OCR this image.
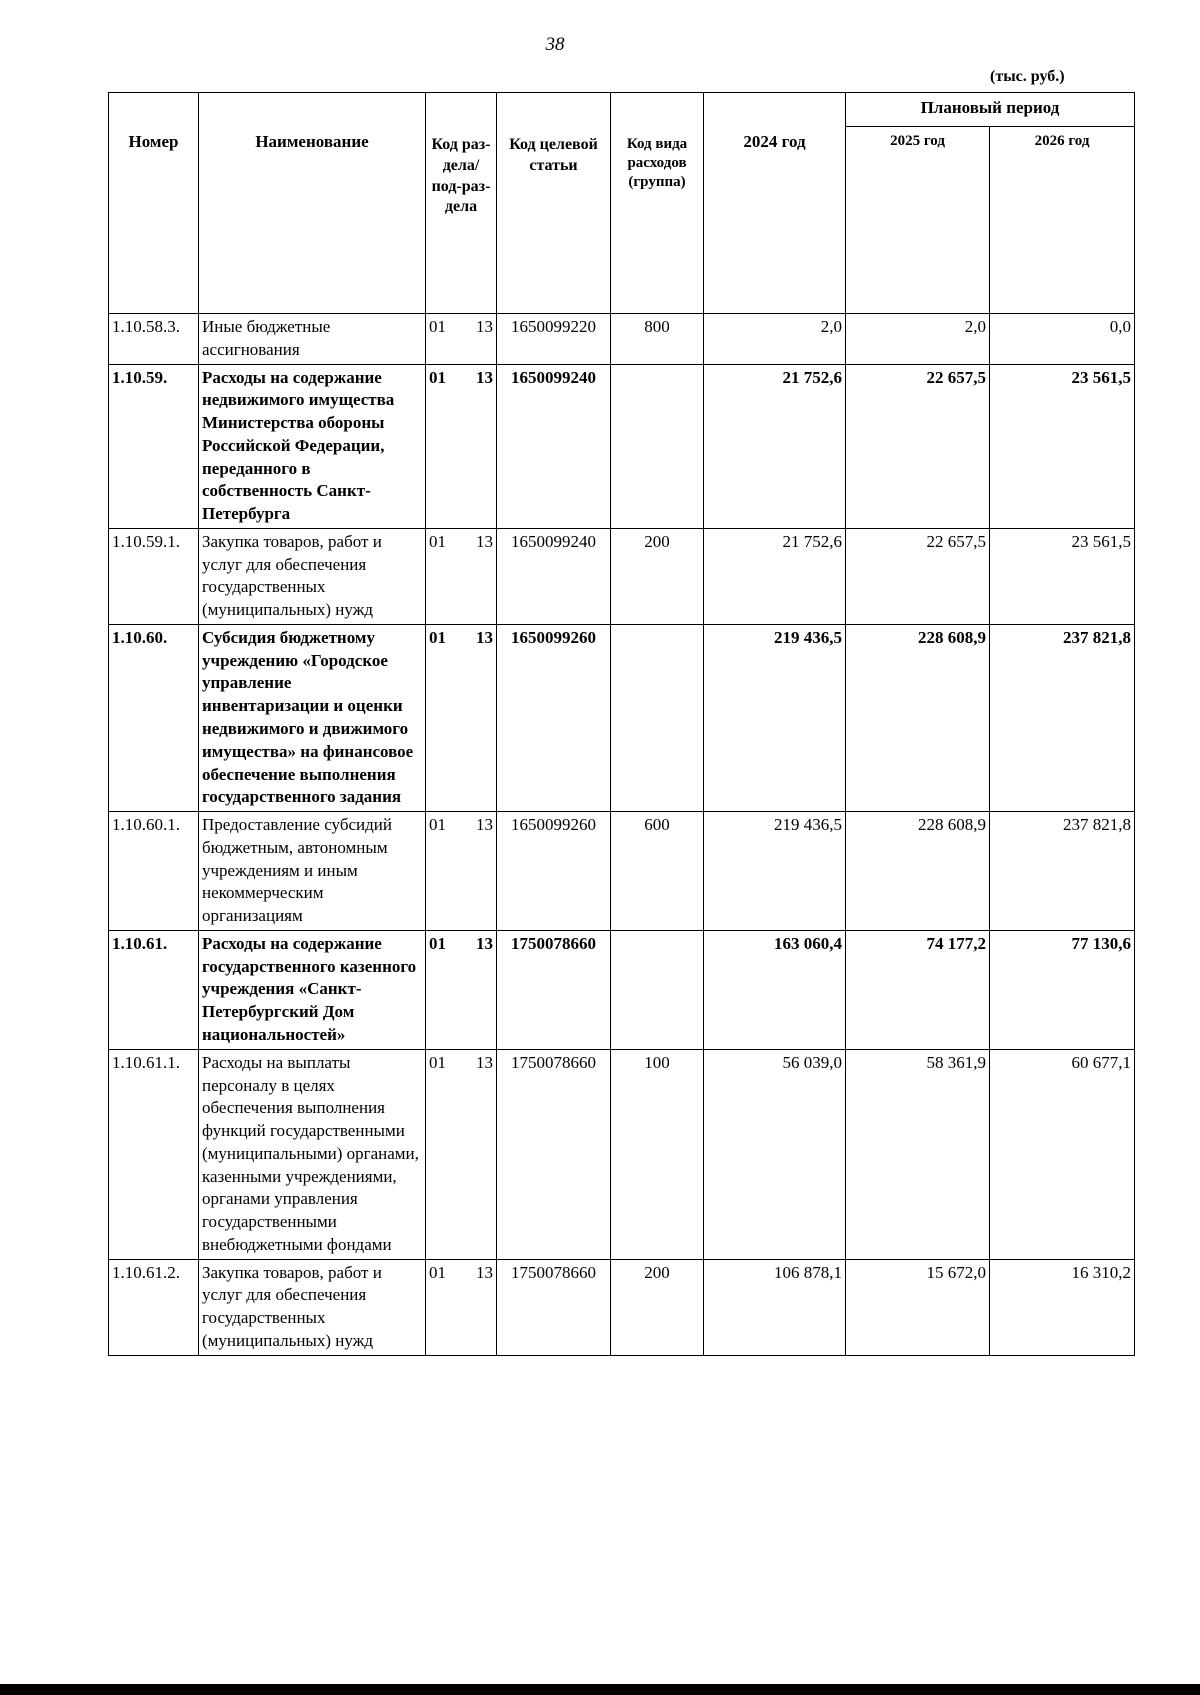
38
(тыс. руб.)
Номер	Наименование	Код раз-дела/ под-раз-дела	Код целевой статьи	Код вида расходов (группа)	2024 год	Плановый период	
						2025 год	2026 год
1.10.58.3.	Иные бюджетные ассигнования	01 13	1650099220	800	2,0	2,0	0,0
1.10.59.	Расходы на содержание недвижимого имущества Министерства обороны Российской Федерации, переданного в собственность Санкт-Петербурга	01 13	1650099240		21 752,6	22 657,5	23 561,5
1.10.59.1.	Закупка товаров, работ и услуг для обеспечения государственных (муниципальных) нужд	01 13	1650099240	200	21 752,6	22 657,5	23 561,5
1.10.60.	Субсидия бюджетному учреждению «Городское управление инвентаризации и оценки недвижимого и движимого имущества» на финансовое обеспечение выполнения государственного задания	01 13	1650099260		219 436,5	228 608,9	237 821,8
1.10.60.1.	Предоставление субсидий бюджетным, автономным учреждениям и иным некоммерческим организациям	01 13	1650099260	600	219 436,5	228 608,9	237 821,8
1.10.61.	Расходы на содержание государственного казенного учреждения «Санкт-Петербургский Дом национальностей»	01 13	1750078660		163 060,4	74 177,2	77 130,6
1.10.61.1.	Расходы на выплаты персоналу в целях обеспечения выполнения функций государственными (муниципальными) органами, казенными учреждениями, органами управления государственными внебюджетными фондами	01 13	1750078660	100	56 039,0	58 361,9	60 677,1
1.10.61.2.	Закупка товаров, работ и услуг для обеспечения государственных (муниципальных) нужд	01 13	1750078660	200	106 878,1	15 672,0	16 310,2
